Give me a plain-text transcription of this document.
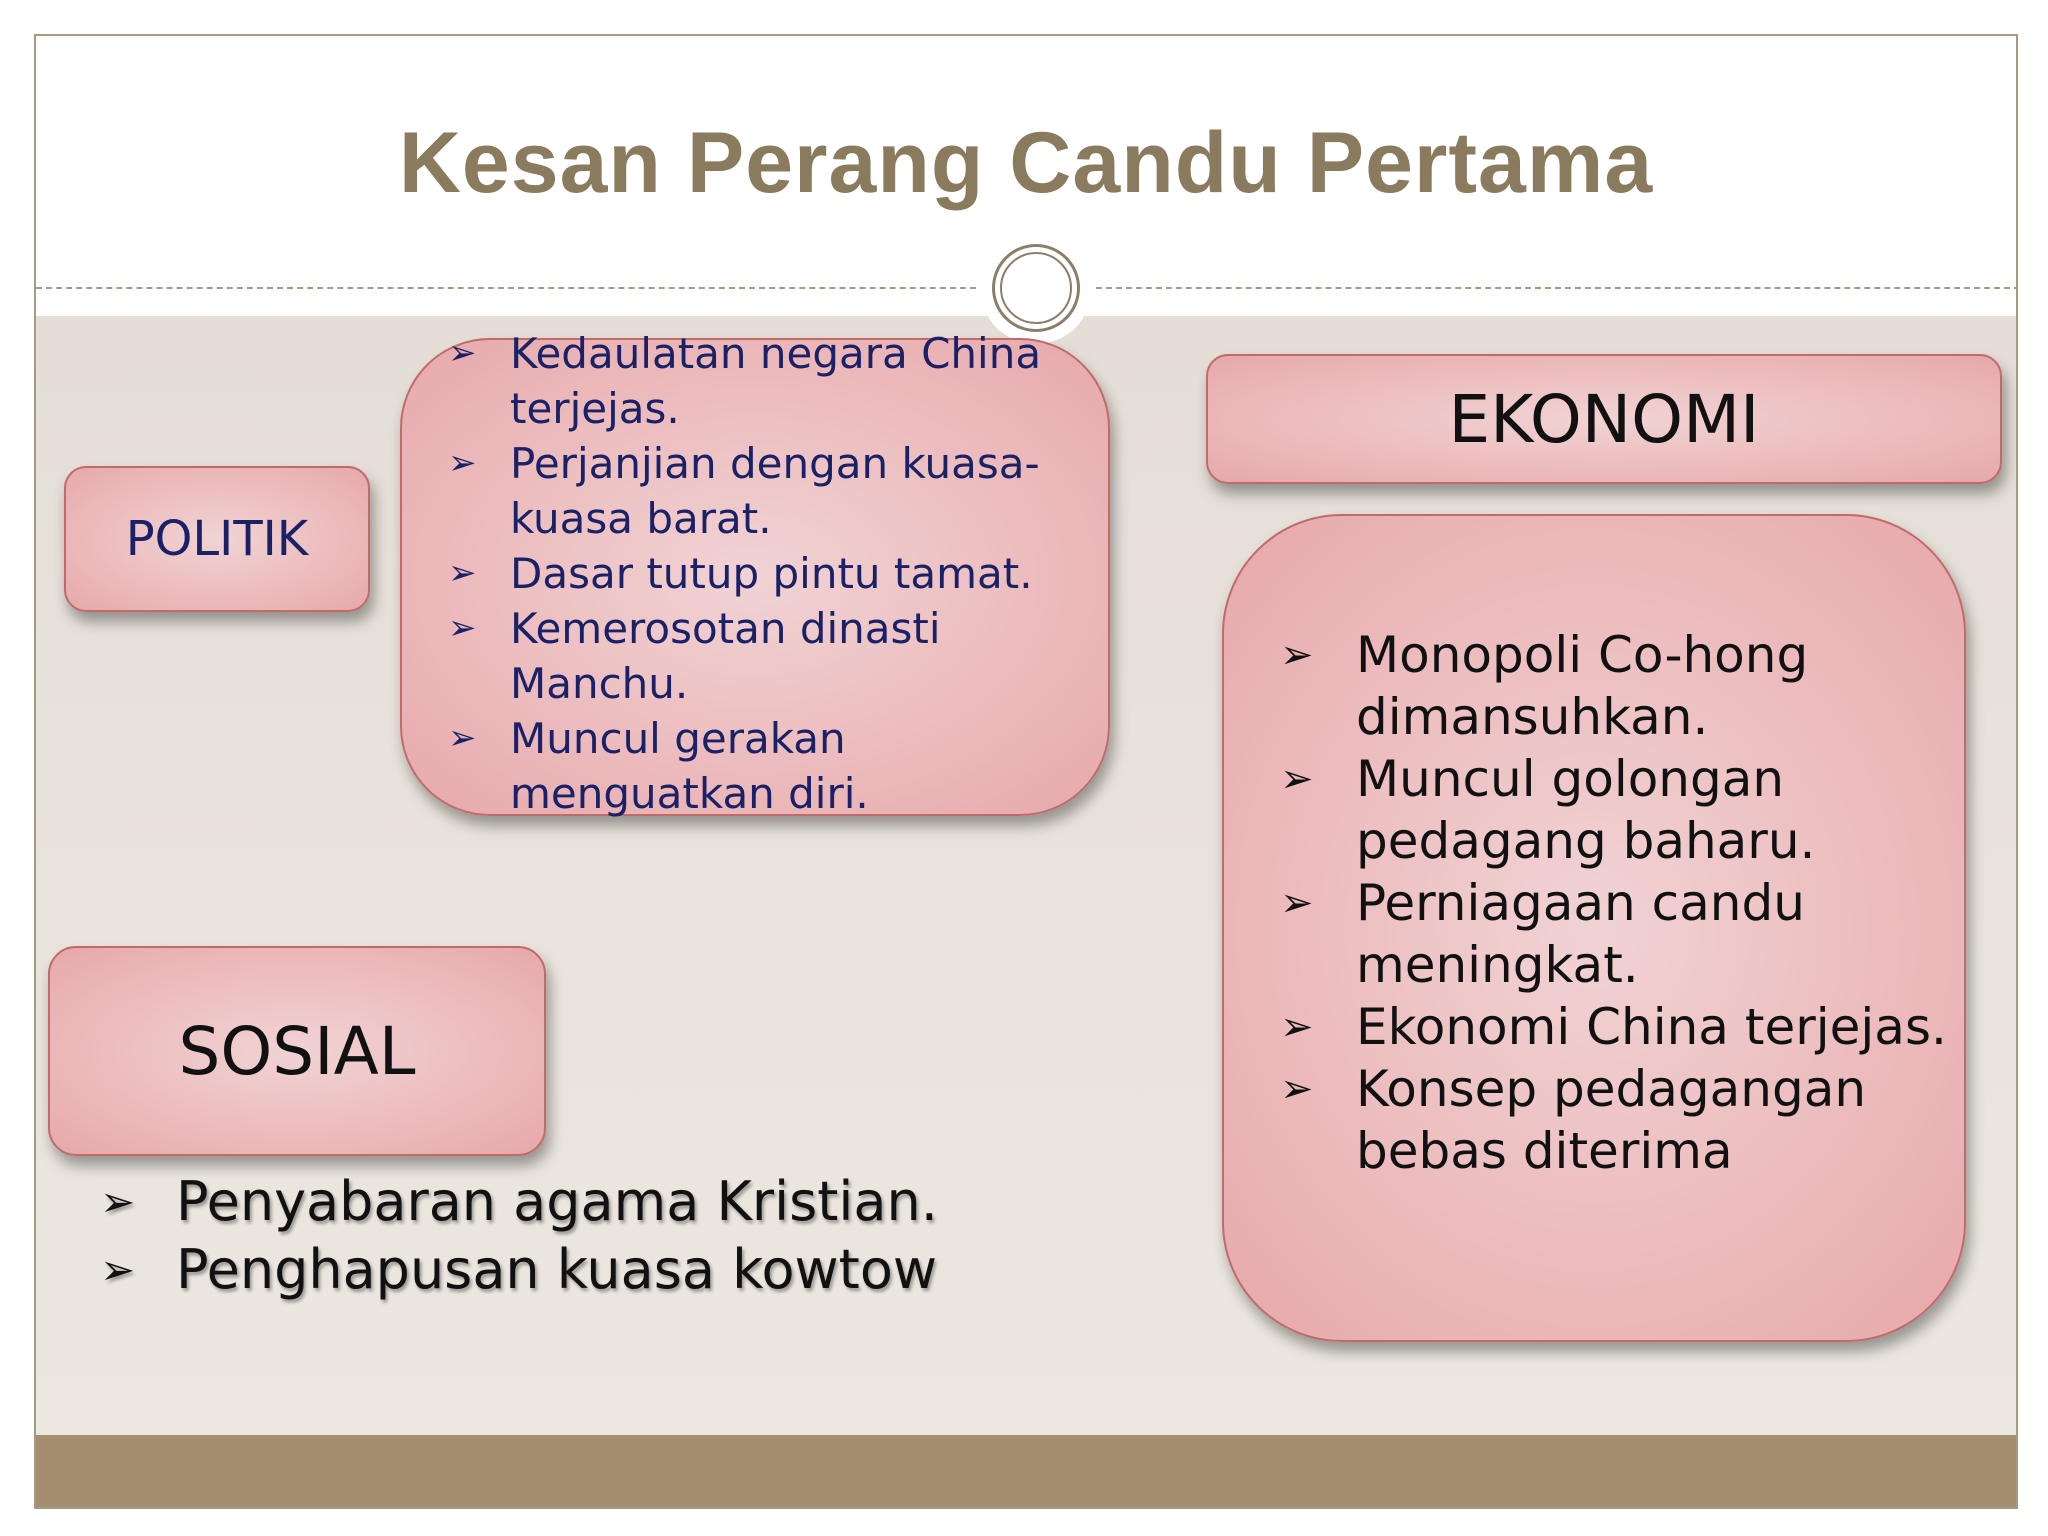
Kesan Perang Candu Pertama
POLITIK
➢ Kedaulatan negara China terjejas.
➢ Perjanjian dengan kuasa-kuasa barat.
➢ Dasar tutup pintu tamat.
➢ Kemerosotan dinasti Manchu.
➢ Muncul gerakan menguatkan diri.
EKONOMI
➢ Monopoli Co-hong dimansuhkan.
➢ Muncul golongan pedagang baharu.
➢ Perniagaan candu meningkat.
➢ Ekonomi China terjejas.
➢ Konsep pedagangan bebas diterima
SOSIAL
➢ Penyabaran agama Kristian.
➢ Penghapusan kuasa kowtow
